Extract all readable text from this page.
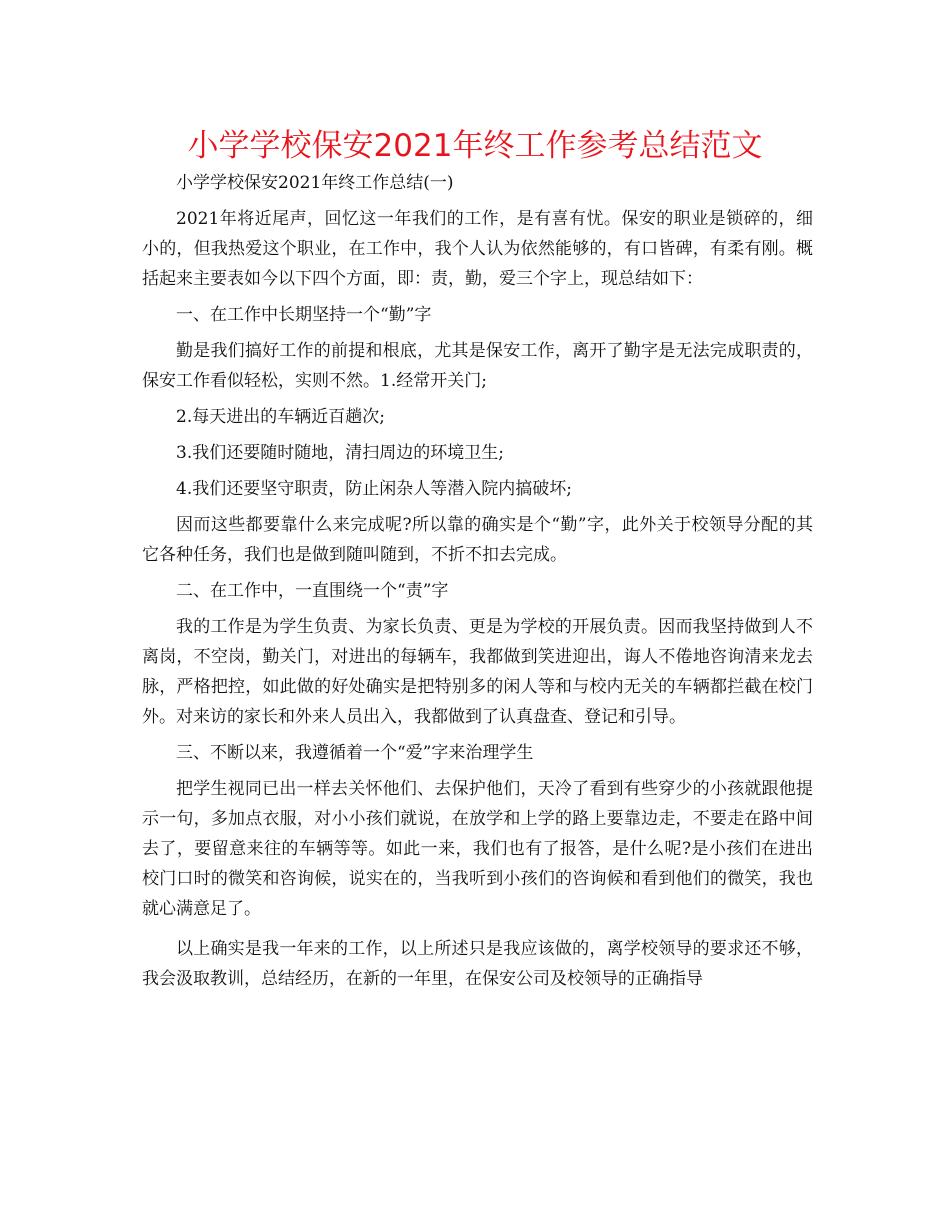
小学学校保安2021年终工作参考总结范文

小学学校保安2021年终工作总结(一)

2021年将近尾声，回忆这一年我们的工作，是有喜有忧。保安的职业是锁碎的，细小的，但我热爱这个职业，在工作中，我个人认为依然能够的，有口皆碑，有柔有刚。概括起来主要表如今以下四个方面，即：责，勤，爱三个字上，现总结如下：

一、在工作中长期坚持一个“勤”字

勤是我们搞好工作的前提和根底，尤其是保安工作，离开了勤字是无法完成职责的，保安工作看似轻松，实则不然。1.经常开关门;

2.每天进出的车辆近百趟次;

3.我们还要随时随地，清扫周边的环境卫生;

4.我们还要坚守职责，防止闲杂人等潜入院内搞破坏;

因而这些都要靠什么来完成呢?所以靠的确实是个“勤”字，此外关于校领导分配的其它各种任务，我们也是做到随叫随到，不折不扣去完成。

二、在工作中，一直围绕一个“责”字

我的工作是为学生负责、为家长负责、更是为学校的开展负责。因而我坚持做到人不离岗，不空岗，勤关门，对进出的每辆车，我都做到笑进迎出，诲人不倦地咨询清来龙去脉，严格把控，如此做的好处确实是把特别多的闲人等和与校内无关的车辆都拦截在校门外。对来访的家长和外来人员出入，我都做到了认真盘查、登记和引导。

三、不断以来，我遵循着一个“爱”字来治理学生

把学生视同已出一样去关怀他们、去保护他们，天冷了看到有些穿少的小孩就跟他提示一句，多加点衣服，对小小孩们就说，在放学和上学的路上要靠边走，不要走在路中间去了，要留意来往的车辆等等。如此一来，我们也有了报答，是什么呢?是小孩们在进出校门口时的微笑和咨询候，说实在的，当我听到小孩们的咨询候和看到他们的微笑，我也就心满意足了。

以上确实是我一年来的工作，以上所述只是我应该做的，离学校领导的要求还不够，我会汲取教训，总结经历，在新的一年里，在保安公司及校领导的正确指导
